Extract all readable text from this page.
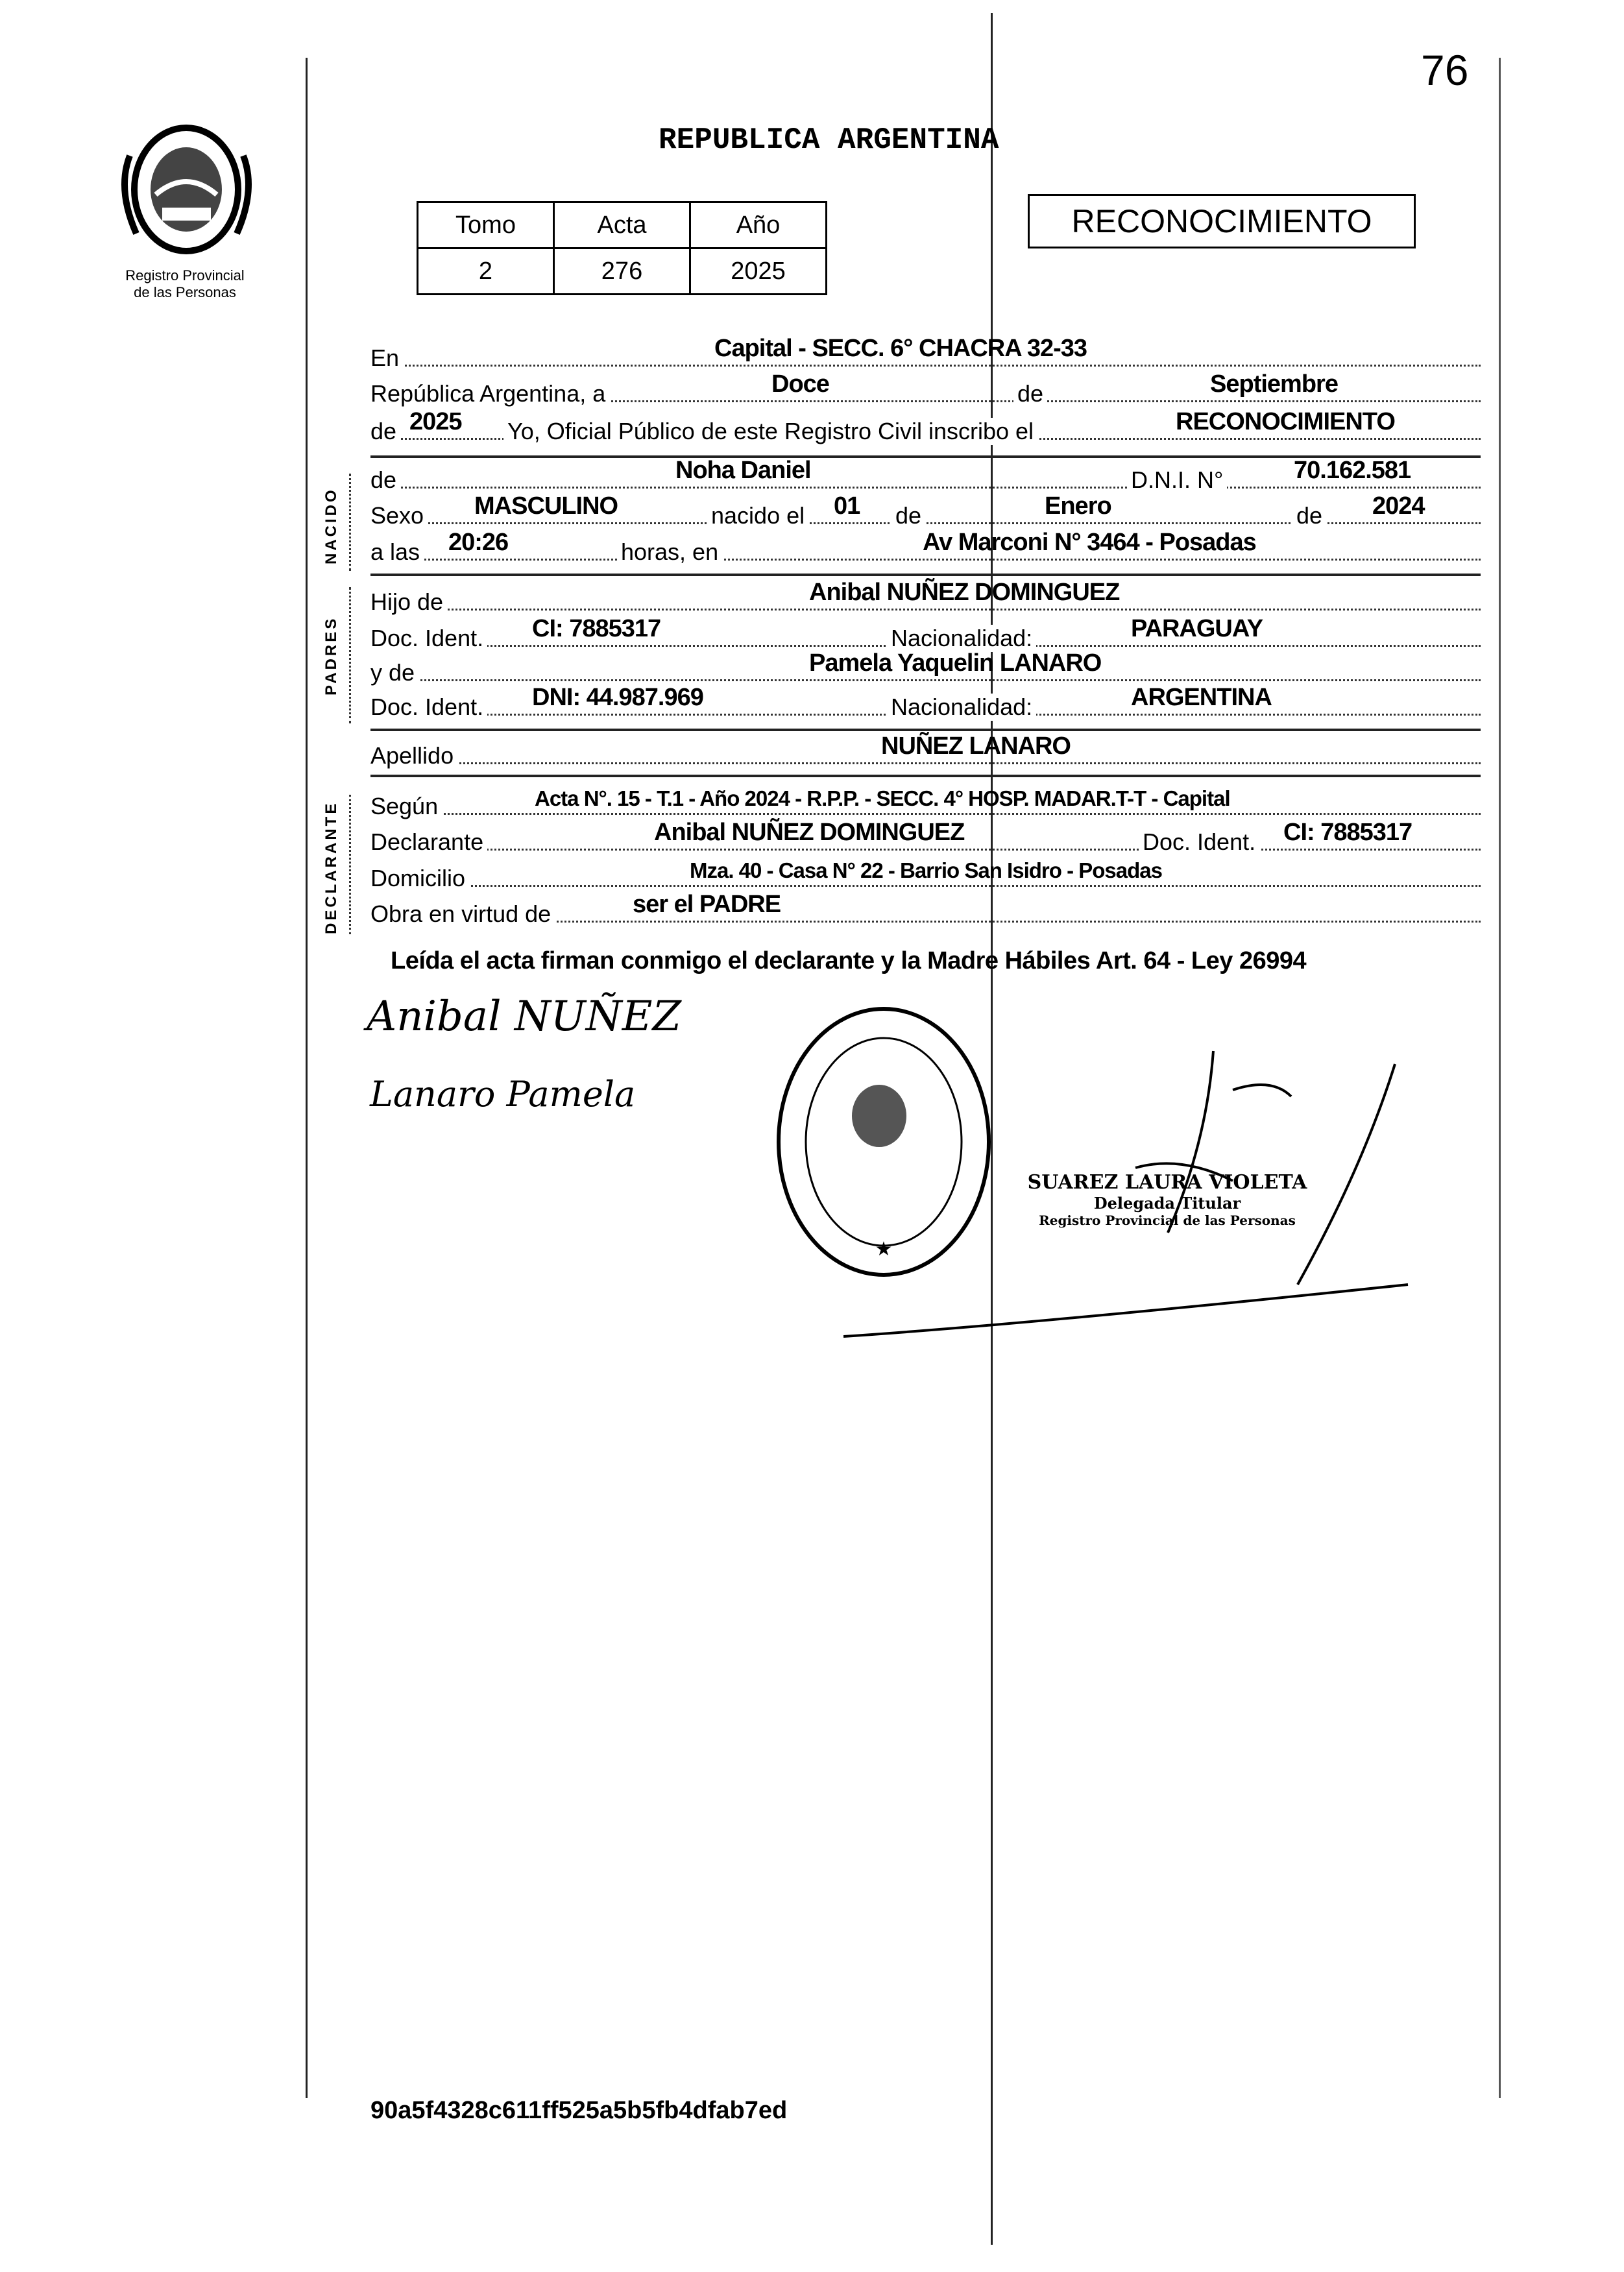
76
Registro Provincial
de las Personas
REPUBLICA ARGENTINA
Tomo	Acta	Año
2	276	2025
RECONOCIMIENTO
En	Capital - SECC. 6° CHACRA 32-33
República Argentina, a	Doce	de	Septiembre
de 2025 Yo, Oficial Público de este Registro Civil inscribo el	RECONOCIMIENTO
de	Noha Daniel	D.N.I. N°	70.162.581
Sexo MASCULINO	nacido el 01 de	Enero	de 2024
a las 20:26	horas, en	Av Marconi N° 3464 - Posadas
Hijo de	Anibal NUÑEZ DOMINGUEZ
Doc. Ident. CI: 7885317	Nacionalidad:	PARAGUAY
y de	Pamela Yaquelin LANARO
Doc. Ident. DNI: 44.987.969	Nacionalidad:	ARGENTINA
Apellido	NUÑEZ LANARO
Según	Acta N°. 15 - T.1 - Año 2024 - R.P.P. - SECC. 4° HOSP. MADAR.T-T - Capital
Declarante	Anibal NUÑEZ DOMINGUEZ	Doc. Ident. CI: 7885317
Domicilio	Mza. 40 - Casa N° 22 - Barrio San Isidro - Posadas
Obra en virtud de	ser el PADRE
NACIDO
PADRES
DECLARANTE
Leída el acta firman conmigo el declarante y la Madre Hábiles Art. 64 - Ley 26994
Anibal NUÑEZ
Lanaro Pamela
★
SUAREZ LAURA VIOLETA
Delegada Titular
Registro Provincial de las Personas
90a5f4328c611ff525a5b5fb4dfab7ed
